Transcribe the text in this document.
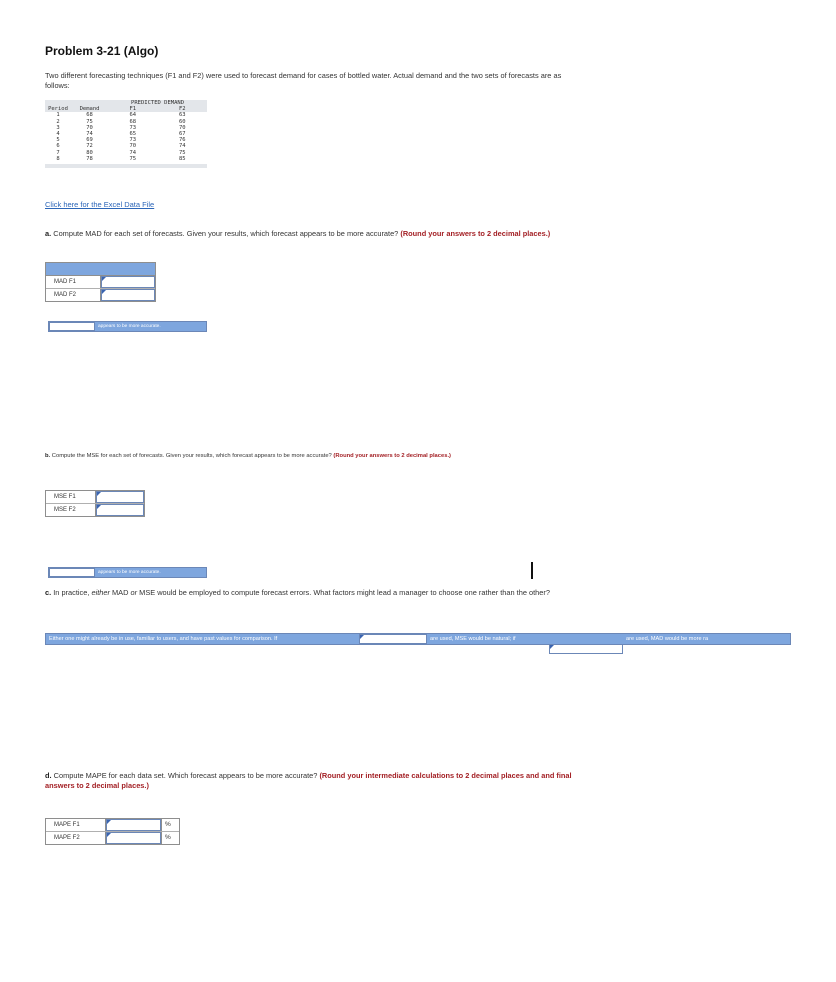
Problem 3-21 (Algo)
Two different forecasting techniques (F1 and F2) were used to forecast demand for cases of bottled water. Actual demand and the two sets of forecasts are as follows:
		PREDICTED DEMAND	
Period	Demand	F1	F2
1	68	64	63
2	75	68	60
3	70	73	70
4	74	65	67
5	69	73	76
6	72	70	74
7	80	74	75
8	78	75	85
Click here for the Excel Data File
a. Compute MAD for each set of forecasts. Given your results, which forecast appears to be more accurate? (Round your answers to 2 decimal places.)
MAD F1
MAD F2
appears to be more accurate.
b. Compute the MSE for each set of forecasts. Given your results, which forecast appears to be more accurate? (Round your answers to 2 decimal places.)
MSE F1
MSE F2
appears to be more accurate.
c. In practice, either MAD or MSE would be employed to compute forecast errors. What factors might lead a manager to choose one rather than the other?
Either one might already be in use, familiar to users, and have past values for comparison. If	are used, MSE would be natural; if	are used, MAD would be more ra
d. Compute MAPE for each data set. Which forecast appears to be more accurate? (Round your intermediate calculations to 2 decimal places and and final answers to 2 decimal places.)
MAPE F1	%
MAPE F2	%
